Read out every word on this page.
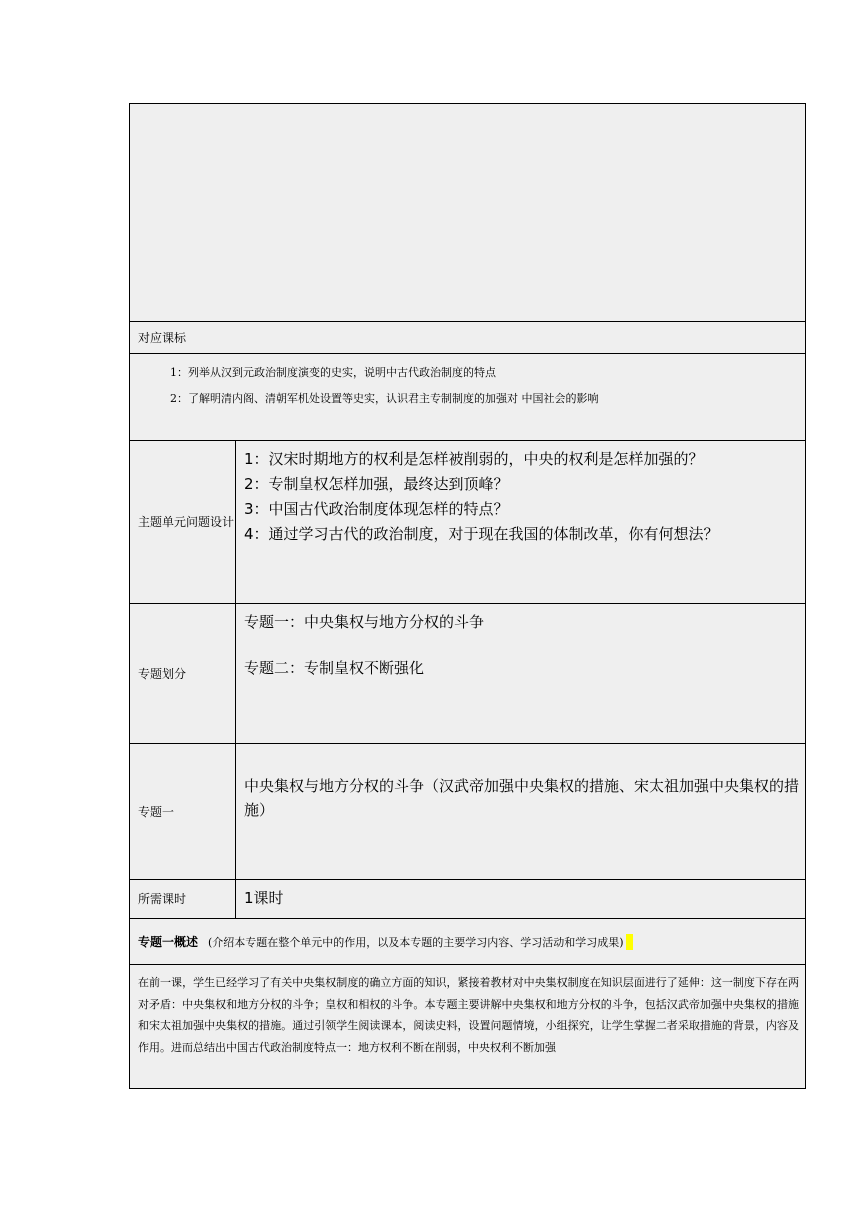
对应课标	

1：列举从汉到元政治制度演变的史实，说明中古代政治制度的特点
2：了解明清内阁、清朝军机处设置等史实，认识君主专制制度的加强对 中国社会的影响	

主题单元问题设计	1：汉宋时期地方的权利是怎样被削弱的，中央的权利是怎样加强的？
2：专制皇权怎样加强，最终达到顶峰？
3：中国古代政治制度体现怎样的特点？
4：通过学习古代的政治制度，对于现在我国的体制改革，你有何想法？

专题划分	专题一：中央集权与地方分权的斗争
专题二：专制皇权不断强化

专题一	中央集权与地方分权的斗争（汉武帝加强中央集权的措施、宋太祖加强中央集权的措施）
所需课时	1课时
专题一概述 (介绍本专题在整个单元中的作用，以及本专题的主要学习内容、学习活动和学习成果)	
在前一课，学生已经学习了有关中央集权制度的确立方面的知识，紧接着教材对中央集权制度在知识层面进行了延伸：这一制度下存在两对矛盾：中央集权和地方分权的斗争；皇权和相权的斗争。本专题主要讲解中央集权和地方分权的斗争，包括汉武帝加强中央集权的措施和宋太祖加强中央集权的措施。通过引领学生阅读课本，阅读史料，设置问题情境，小组探究，让学生掌握二者采取措施的背景，内容及作用。进而总结出中国古代政治制度特点一：地方权利不断在削弱，中央权利不断加强	
